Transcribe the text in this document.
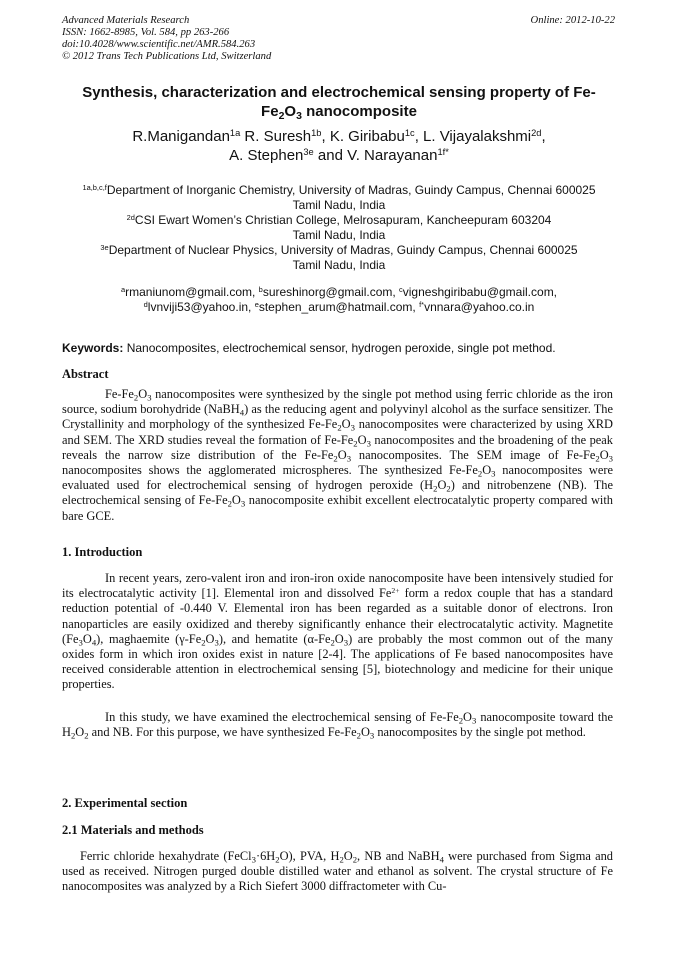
Advanced Materials Research
ISSN: 1662-8985, Vol. 584, pp 263-266
doi:10.4028/www.scientific.net/AMR.584.263
© 2012 Trans Tech Publications Ltd, Switzerland
Online: 2012-10-22
Synthesis, characterization and electrochemical sensing property of Fe-
$Fe_2O_3$ nanocomposite
R.Manigandan$^{1a}$ R. Suresh$^{1b}$, K. Giribabu$^{1c}$, L. Vijayalakshmi$^{2d}$,
A. Stephen$^{3e}$ and V. Narayanan$^{1f*}$
$^{1a,b,c,f}$Department of Inorganic Chemistry, University of Madras, Guindy Campus, Chennai 600025
Tamil Nadu, India
$^{2d}$CSI Ewart Women’s Christian College, Melrosapuram, Kancheepuram 603204
Tamil Nadu, India
$^{3e}$Department of Nuclear Physics, University of Madras, Guindy Campus, Chennai 600025
Tamil Nadu, India
$^a$rmaniunom@gmail.com, $^b$sureshinorg@gmail.com, $^c$vigneshgiribabu@gmail.com,
$^d$lvnviji53@yahoo.in, $^e$stephen_arum@hatmail.com, $^{f*}$vnnara@yahoo.co.in
Keywords: Nanocomposites, electrochemical sensor, hydrogen peroxide, single pot method.
Abstract
$Fe-Fe_2O_3$ nanocomposites were synthesized by the single pot method using ferric chloride as the iron source, sodium borohydride (NaBH$_4$) as the reducing agent and polyvinyl alcohol as the surface sensitizer. The Crystallinity and morphology of the synthesized $Fe-Fe_2O_3$ nanocomposites were characterized by using XRD and SEM. The XRD studies reveal the formation of $Fe-Fe_2O_3$ nanocomposites and the broadening of the peak reveals the narrow size distribution of the $Fe-Fe_2O_3$ nanocomposites. The SEM image of $Fe-Fe_2O_3$ nanocomposites shows the agglomerated microspheres. The synthesized $Fe-Fe_2O_3$ nanocomposites were evaluated used for electrochemical sensing of hydrogen peroxide $(H_2O_2)$ and nitrobenzene (NB). The electrochemical sensing of $Fe-Fe_2O_3$ nanocomposite exhibit excellent electrocatalytic property compared with bare GCE.
1. Introduction
In recent years, zero-valent iron and iron-iron oxide nanocomposite have been intensively studied for its electrocatalytic activity [1]. Elemental iron and dissolved $Fe^{2+}$ form a redox couple that has a standard reduction potential of -0.440 V. Elemental iron has been regarded as a suitable donor of electrons. Iron nanoparticles are easily oxidized and thereby significantly enhance their electrocatalytic activity. Magnetite $(Fe_3O_4)$, maghaemite $(\gamma-Fe_2O_3)$, and hematite $(\alpha-Fe_2O_3)$ are probably the most common out of the many oxides form in which iron oxides exist in nature [2-4]. The applications of Fe based nanocomposites have received considerable attention in electrochemical sensing [5], biotechnology and medicine for their unique properties.
In this study, we have examined the electrochemical sensing of $Fe-Fe_2O_3$ nanocomposite toward the $H_2O_2$ and NB. For this purpose, we have synthesized $Fe-Fe_2O_3$ nanocomposites by the single pot method.
2. Experimental section
2.1 Materials and methods
Ferric chloride hexahydrate $(FeCl_3\cdot 6H_2O)$, PVA, $H_2O_2$, NB and NaBH$_4$ were purchased from Sigma and used as received. Nitrogen purged double distilled water and ethanol as solvent. The crystal structure of Fe nanocomposites was analyzed by a Rich Siefert 3000 diffractometer with Cu-
